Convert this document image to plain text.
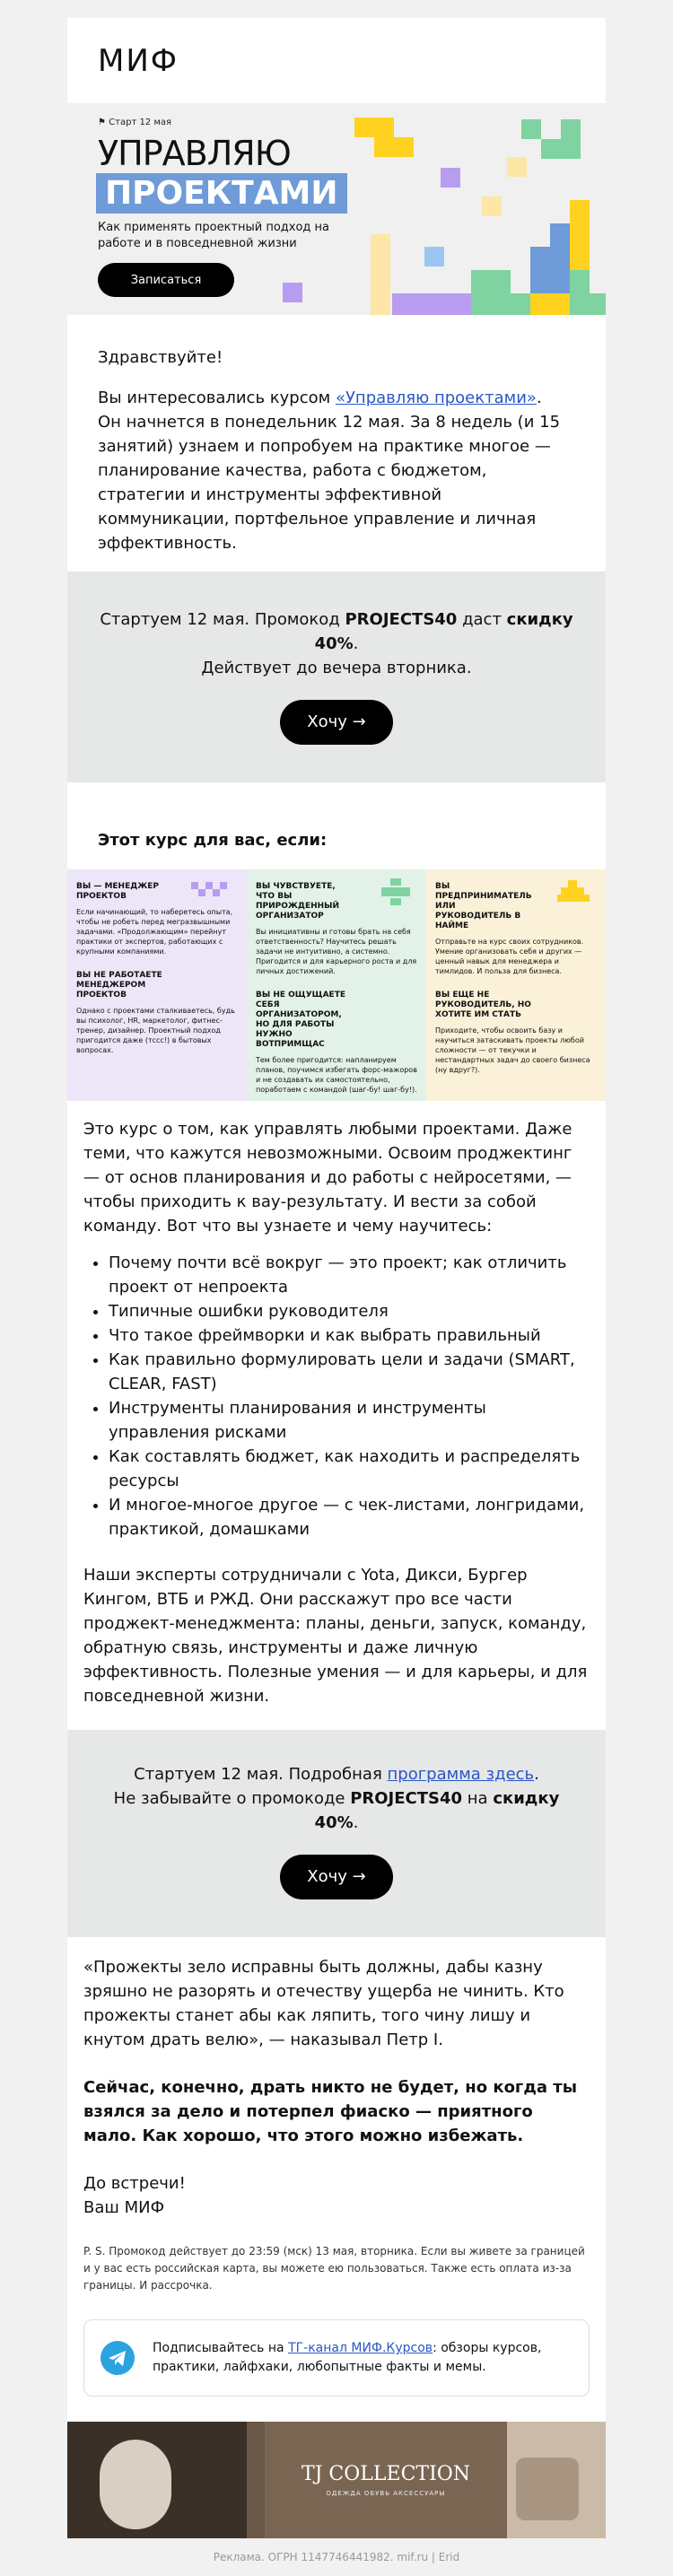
МИФ
⚑ Старт 12 мая
УПРАВЛЯЮ
ПРОЕКТАМИ
Как применять проектный подход на работе и в повседневной жизни
Записаться

Здравствуйте!

Вы интересовались курсом «Управляю проектами».
Он начнется в понедельник 12 мая. За 8 недель (и 15 занятий) узнаем и попробуем на практике многое — планирование качества, работа с бюджетом, стратегии и инструменты эффективной коммуникации, портфельное управление и личная эффективность.

Стартуем 12 мая. Промокод PROJECTS40 даст скидку 40%.
Действует до вечера вторника.
Хочу →
Этот курс для вас, если:
ВЫ — МЕНЕДЖЕР ПРОЕКТОВ

Если начинающий, то наберетесь опыта, чтобы не робеть перед мегразвышными задачами. «Продолжающим» перейнут практики от экспертов, работающих с крупными компаниями.

ВЫ НЕ РАБОТАЕТЕ МЕНЕДЖЕРОМ ПРОЕКТОВ

Однако с проектами сталкиваетесь, будь вы психолог, HR, маркетолог, фитнес-тренер, дизайнер. Проектный подход пригодится даже (тссс!) в бытовых вопросах.

ВЫ ЧУВСТВУЕТЕ, ЧТО ВЫ ПРИРОЖДЕННЫЙ ОРГАНИЗАТОР

Вы инициативны и готовы брать на себя ответственность? Научитесь решать задачи не интуитивно, а системно. Пригодится и для карьерного роста и для личных достижений.

ВЫ НЕ ОЩУЩАЕТЕ СЕБЯ ОРГАНИЗАТОРОМ, НО ДЛЯ РАБОТЫ НУЖНО ВОТПРИМЩАС

Тем более пригодится: напланируем планов, поучимся избегать форс-мажоров и не создавать их самостоятельно, поработаем с командой (шаг-бу! шаг-бу!).

ВЫ ПРЕДПРИНИМАТЕЛЬ ИЛИ РУКОВОДИТЕЛЬ В НАЙМЕ

Отправьте на курс своих сотрудников. Умение организовать себя и других — ценный навык для менеджера и тимлидов. И польза для бизнеса.

ВЫ ЕЩЕ НЕ РУКОВОДИТЕЛЬ, НО ХОТИТЕ ИМ СТАТЬ

Приходите, чтобы освоить базу и научиться затаскивать проекты любой сложности — от текучки и нестандартных задач до своего бизнеса (ну вдруг?).

Это курс о том, как управлять любыми проектами. Даже теми, что кажутся невозможными. Освоим проджектинг — от основ планирования и до работы с нейросетями, — чтобы приходить к вау-результату. И вести за собой команду. Вот что вы узнаете и чему научитесь:

• Почему почти всё вокруг — это проект; как отличить проект от непроекта
• Типичные ошибки руководителя
• Что такое фреймворки и как выбрать правильный
• Как правильно формулировать цели и задачи (SMART, CLEAR, FAST)
• Инструменты планирования и инструменты управления рисками
• Как составлять бюджет, как находить и распределять ресурсы
• И многое-многое другое — с чек-листами, лонгридами, практикой, домашками

Наши эксперты сотрудничали с Yota, Дикси, Бургер Кингом, ВТБ и РЖД. Они расскажут про все части проджект-менеджмента: планы, деньги, запуск, команду, обратную связь, инструменты и даже личную эффективность. Полезные умения — и для карьеры, и для повседневной жизни.

Стартуем 12 мая. Подробная программа здесь.
Не забывайте о промокоде PROJECTS40 на скидку 40%.
Хочу →

«Прожекты зело исправны быть должны, дабы казну зряшно не разорять и отечеству ущерба не чинить. Кто прожекты станет абы как ляпить, того чину лишу и кнутом драть велю», — наказывал Петр I.

Сейчас, конечно, драть никто не будет, но когда ты взялся за дело и потерпел фиаско — приятного мало. Как хорошо, что этого можно избежать.

До встречи!
Ваш МИФ

P. S. Промокод действует до 23:59 (мск) 13 мая, вторника. Если вы живете за границей и у вас есть российская карта, вы можете ею пользоваться. Также есть оплата из-за границы. И рассрочка.
Подписывайтесь на ТГ-канал МИФ.Курсов: обзоры курсов, практики, лайфхаки, любопытные факты и мемы.
TJ COLLECTION
ОДЕЖДА ОБУВЬ АКСЕССУАРЫ
Реклама. ОГРН 1147746441982. mif.ru | Erid
